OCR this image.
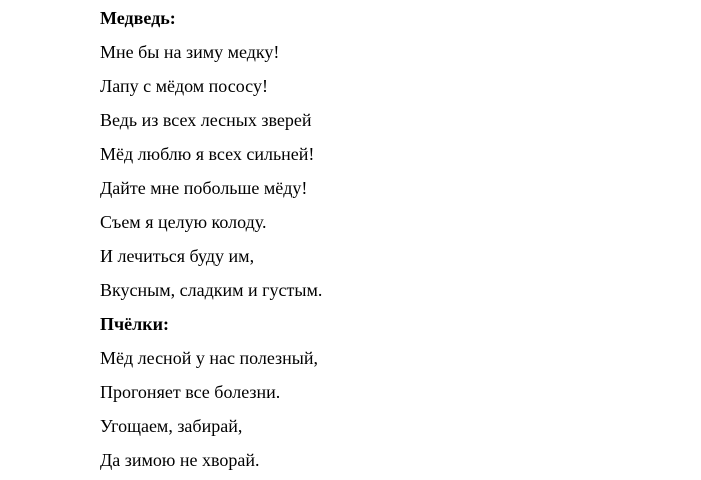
Медведь:
Мне бы на зиму медку!
Лапу с мёдом пососу!
Ведь из всех лесных зверей
Мёд люблю я всех сильней!
Дайте мне побольше мёду!
Съем я целую колоду.
И лечиться буду им,
Вкусным, сладким и густым.
Пчёлки:
Мёд лесной у нас полезный,
Прогоняет все болезни.
Угощаем, забирай,
Да зимою не хворай.
